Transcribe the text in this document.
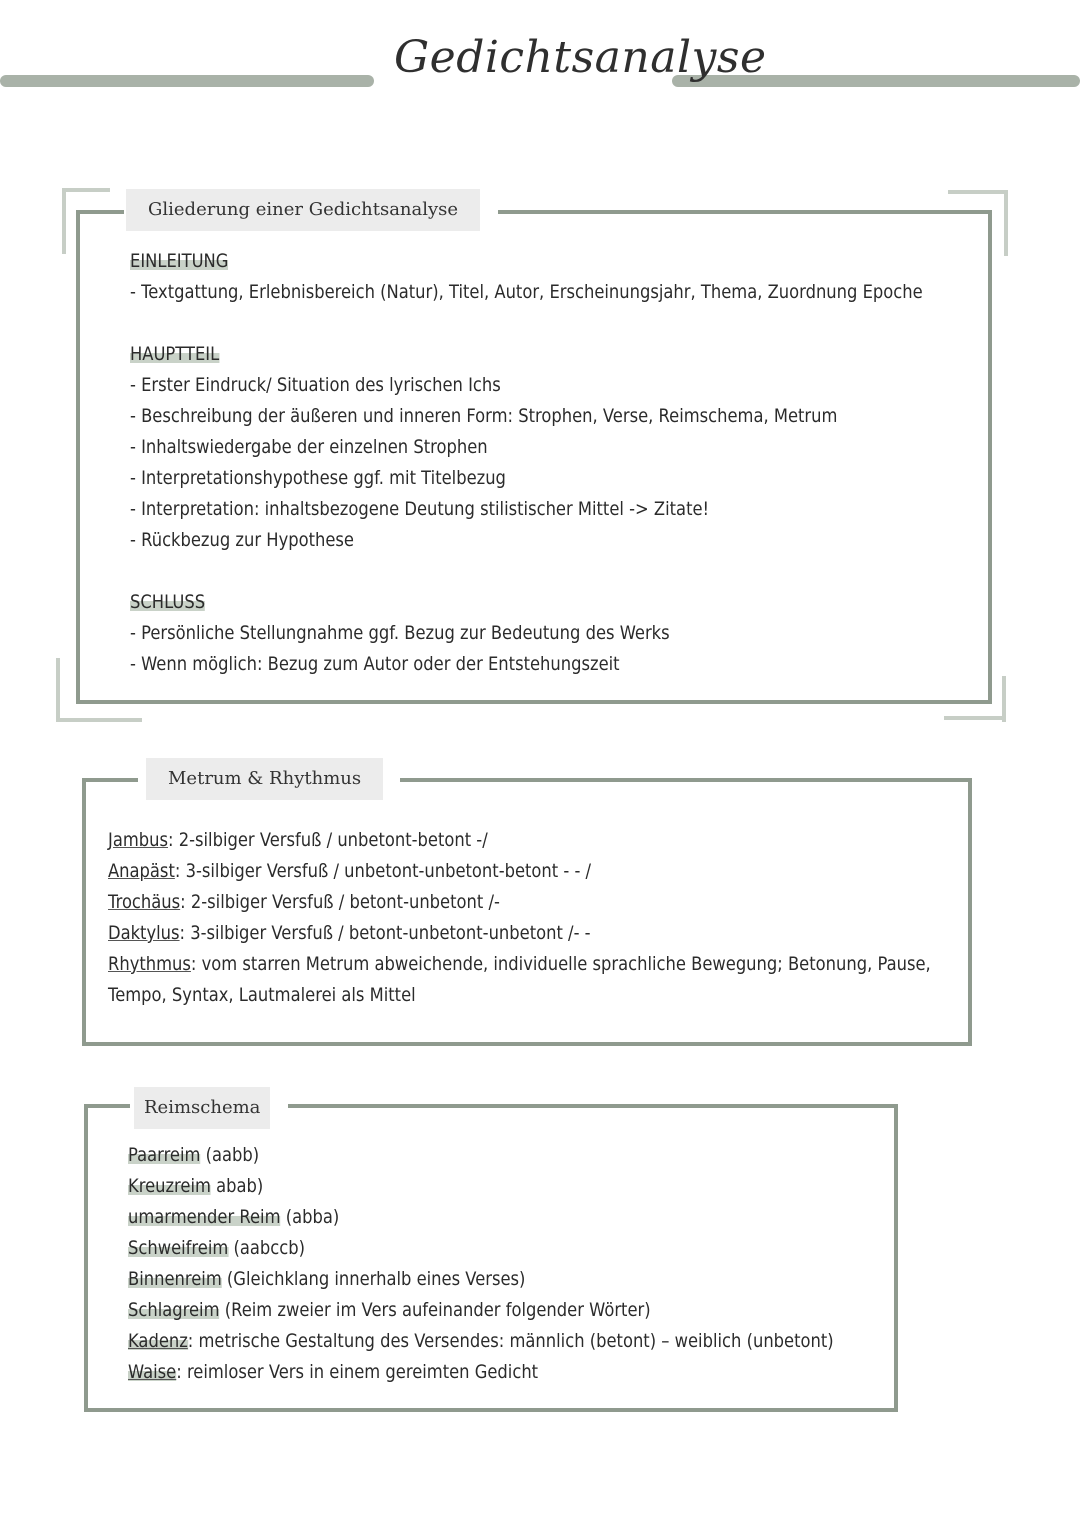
Gedichtsanalyse
Gliederung einer Gedichtsanalyse
EINLEITUNG
- Textgattung, Erlebnisbereich (Natur), Titel, Autor, Erscheinungsjahr, Thema, Zuordnung Epoche
HAUPTTEIL
- Erster Eindruck/ Situation des lyrischen Ichs
- Beschreibung der äußeren und inneren Form: Strophen, Verse, Reimschema, Metrum
- Inhaltswiedergabe der einzelnen Strophen
- Interpretationshypothese ggf. mit Titelbezug
- Interpretation: inhaltsbezogene Deutung stilistischer Mittel -> Zitate!
- Rückbezug zur Hypothese
SCHLUSS
- Persönliche Stellungnahme ggf. Bezug zur Bedeutung des Werks
- Wenn möglich: Bezug zum Autor oder der Entstehungszeit
Metrum & Rhythmus
Jambus: 2-silbiger Versfuß / unbetont-betont -/
Anapäst: 3-silbiger Versfuß / unbetont-unbetont-betont - - /
Trochäus: 2-silbiger Versfuß / betont-unbetont /-
Daktylus: 3-silbiger Versfuß / betont-unbetont-unbetont /- -
Rhythmus: vom starren Metrum abweichende, individuelle sprachliche Bewegung; Betonung, Pause,
Tempo, Syntax, Lautmalerei als Mittel
Reimschema
Paarreim (aabb)
Kreuzreim abab)
umarmender Reim (abba)
Schweifreim (aabccb)
Binnenreim (Gleichklang innerhalb eines Verses)
Schlagreim (Reim zweier im Vers aufeinander folgender Wörter)
Kadenz: metrische Gestaltung des Versendes: männlich (betont) – weiblich (unbetont)
Waise: reimloser Vers in einem gereimten Gedicht
